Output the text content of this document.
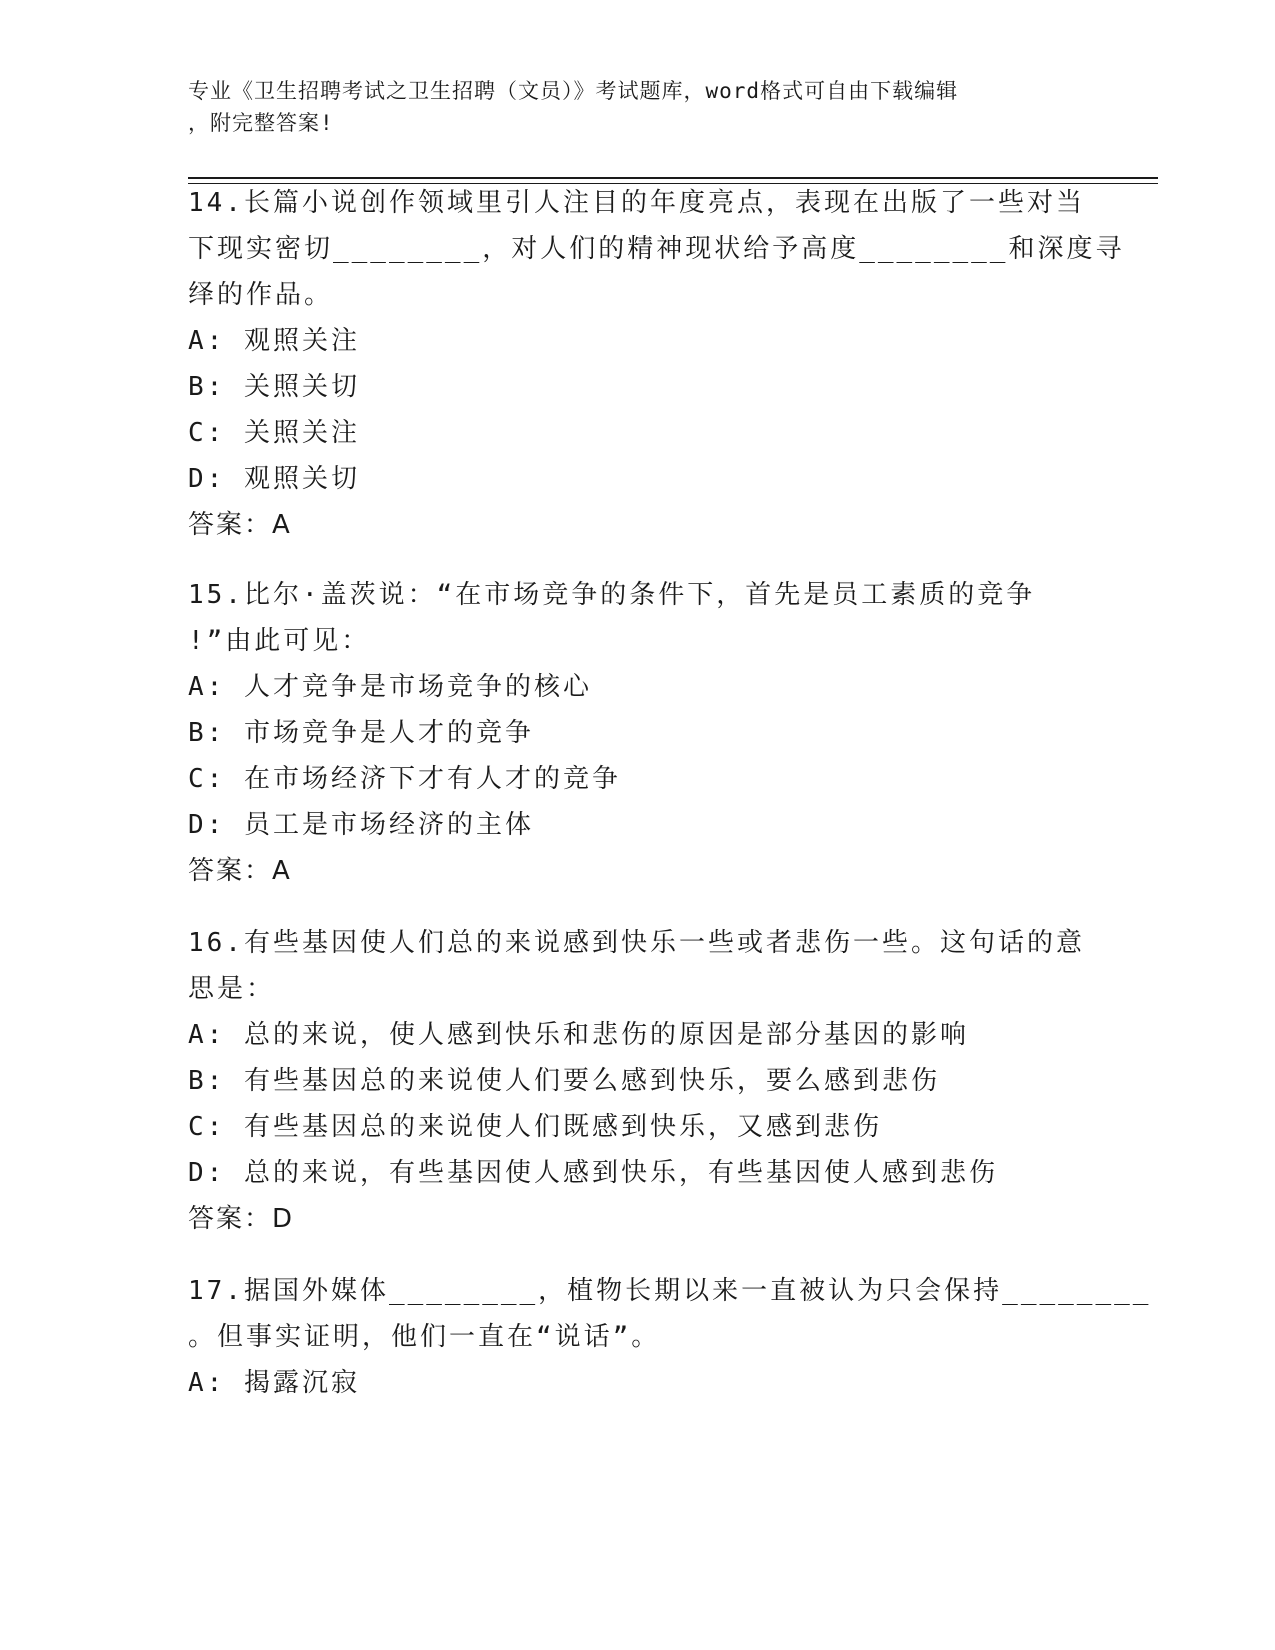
专业《卫生招聘考试之卫生招聘（文员）》考试题库，word格式可自由下载编辑
，附完整答案!
14.长篇小说创作领域里引人注目的年度亮点，表现在出版了一些对当
下现实密切________，对人们的精神现状给予高度________和深度寻
绎的作品。
A: 观照关注
B: 关照关切
C: 关照关注
D: 观照关切
答案：A
15.比尔·盖茨说：“在市场竞争的条件下，首先是员工素质的竞争
!”由此可见：
A: 人才竞争是市场竞争的核心
B: 市场竞争是人才的竞争
C: 在市场经济下才有人才的竞争
D: 员工是市场经济的主体
答案：A
16.有些基因使人们总的来说感到快乐一些或者悲伤一些。这句话的意
思是：
A: 总的来说，使人感到快乐和悲伤的原因是部分基因的影响
B: 有些基因总的来说使人们要么感到快乐，要么感到悲伤
C: 有些基因总的来说使人们既感到快乐，又感到悲伤
D: 总的来说，有些基因使人感到快乐，有些基因使人感到悲伤
答案：D
17.据国外媒体________，植物长期以来一直被认为只会保持________
。但事实证明，他们一直在“说话”。
A: 揭露沉寂
